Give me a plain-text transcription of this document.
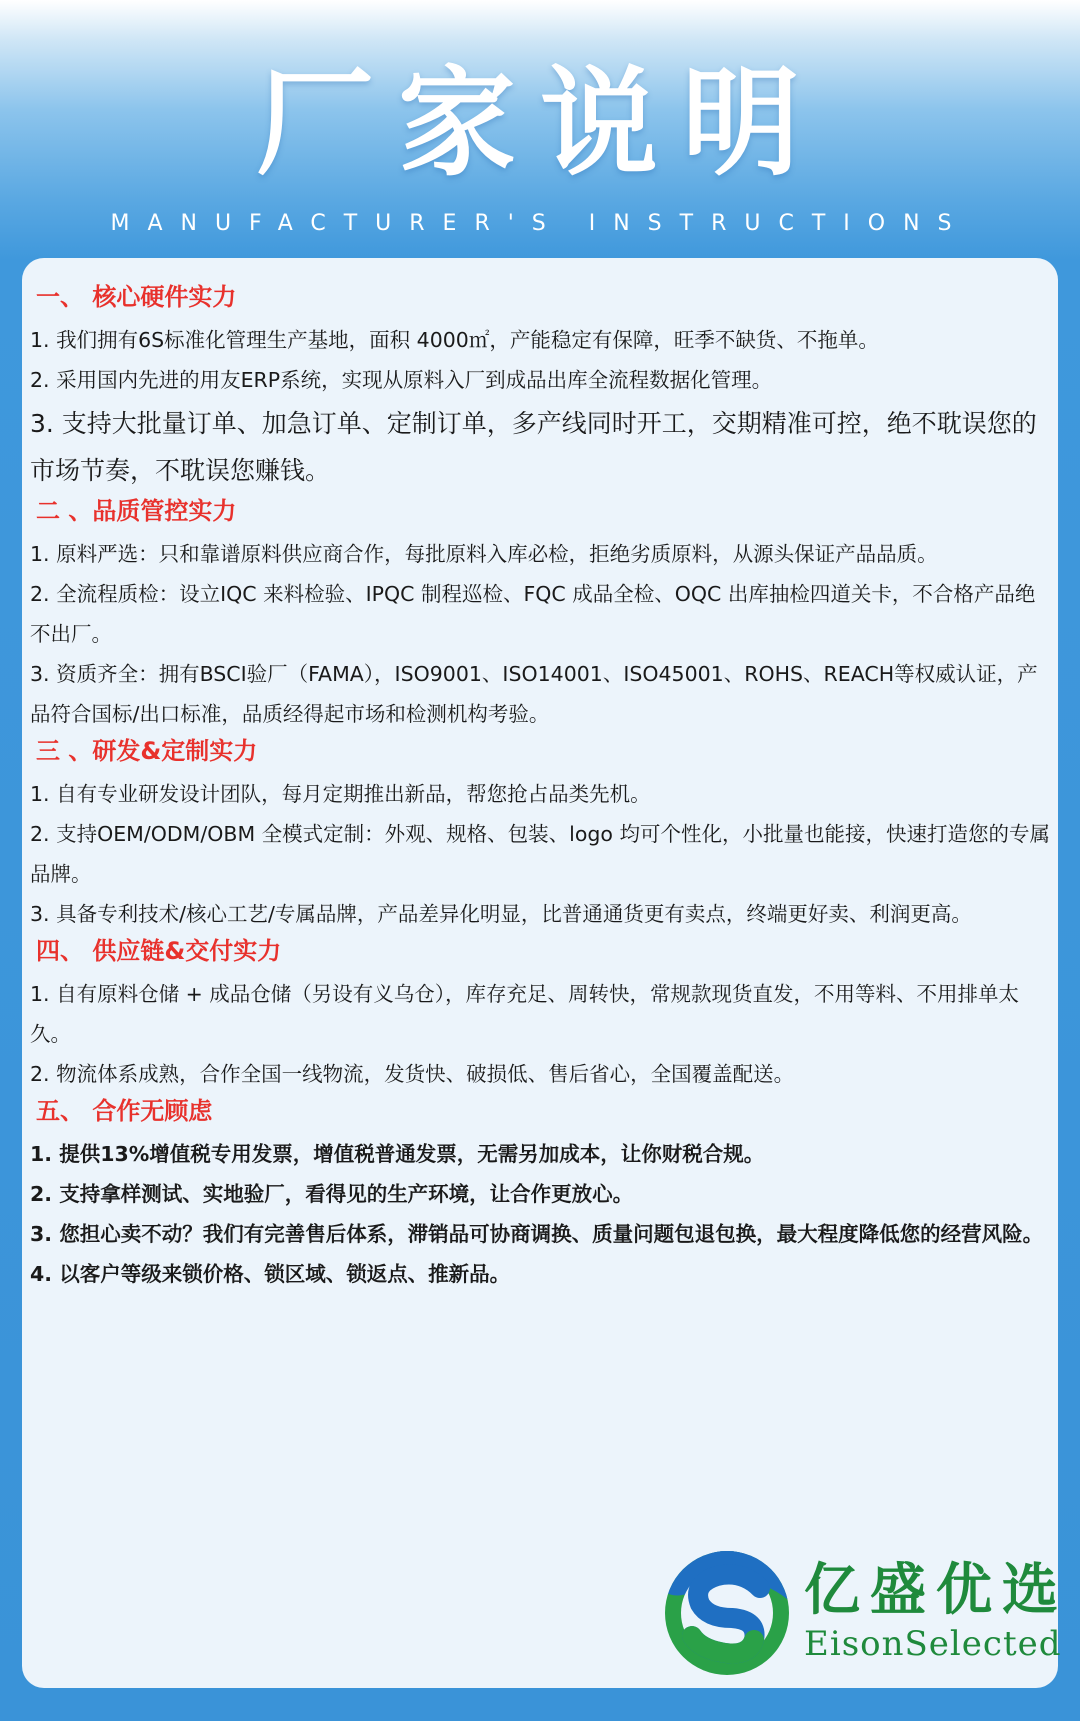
厂家说明
MANUFACTURER'S INSTRUCTIONS
一、 核心硬件实力

1. 我们拥有6S标准化管理生产基地，面积 4000㎡，产能稳定有保障，旺季不缺货、不拖单。

2. 采用国内先进的用友ERP系统，实现从原料入厂到成品出库全流程数据化管理。

3. 支持大批量订单、加急订单、定制订单，多产线同时开工，交期精准可控，绝不耽误您的市场节奏，不耽误您赚钱。

二 、品质管控实力

1. 原料严选：只和靠谱原料供应商合作，每批原料入库必检，拒绝劣质原料，从源头保证产品品质。

2. 全流程质检：设立IQC 来料检验、IPQC 制程巡检、FQC 成品全检、OQC 出库抽检四道关卡，不合格产品绝不出厂。

3. 资质齐全：拥有BSCI验厂（FAMA），ISO9001、ISO14001、ISO45001、ROHS、REACH等权威认证，产品符合国标/出口标准，品质经得起市场和检测机构考验。

三 、研发&定制实力

1. 自有专业研发设计团队，每月定期推出新品，帮您抢占品类先机。

2. 支持OEM/ODM/OBM 全模式定制：外观、规格、包装、logo 均可个性化，小批量也能接，快速打造您的专属品牌。

3. 具备专利技术/核心工艺/专属品牌，产品差异化明显，比普通通货更有卖点，终端更好卖、利润更高。

四、 供应链&交付实力

1. 自有原料仓储 + 成品仓储（另设有义乌仓），库存充足、周转快，常规款现货直发，不用等料、不用排单太久。

2. 物流体系成熟，合作全国一线物流，发货快、破损低、售后省心，全国覆盖配送。

五、 合作无顾虑

1. 提供13%增值税专用发票，增值税普通发票，无需另加成本，让你财税合规。

2. 支持拿样测试、实地验厂，看得见的生产环境，让合作更放心。

3. 您担心卖不动？我们有完善售后体系，滞销品可协商调换、质量问题包退包换，最大程度降低您的经营风险。

4. 以客户等级来锁价格、锁区域、锁返点、推新品。

亿盛优选
EisonSelected
